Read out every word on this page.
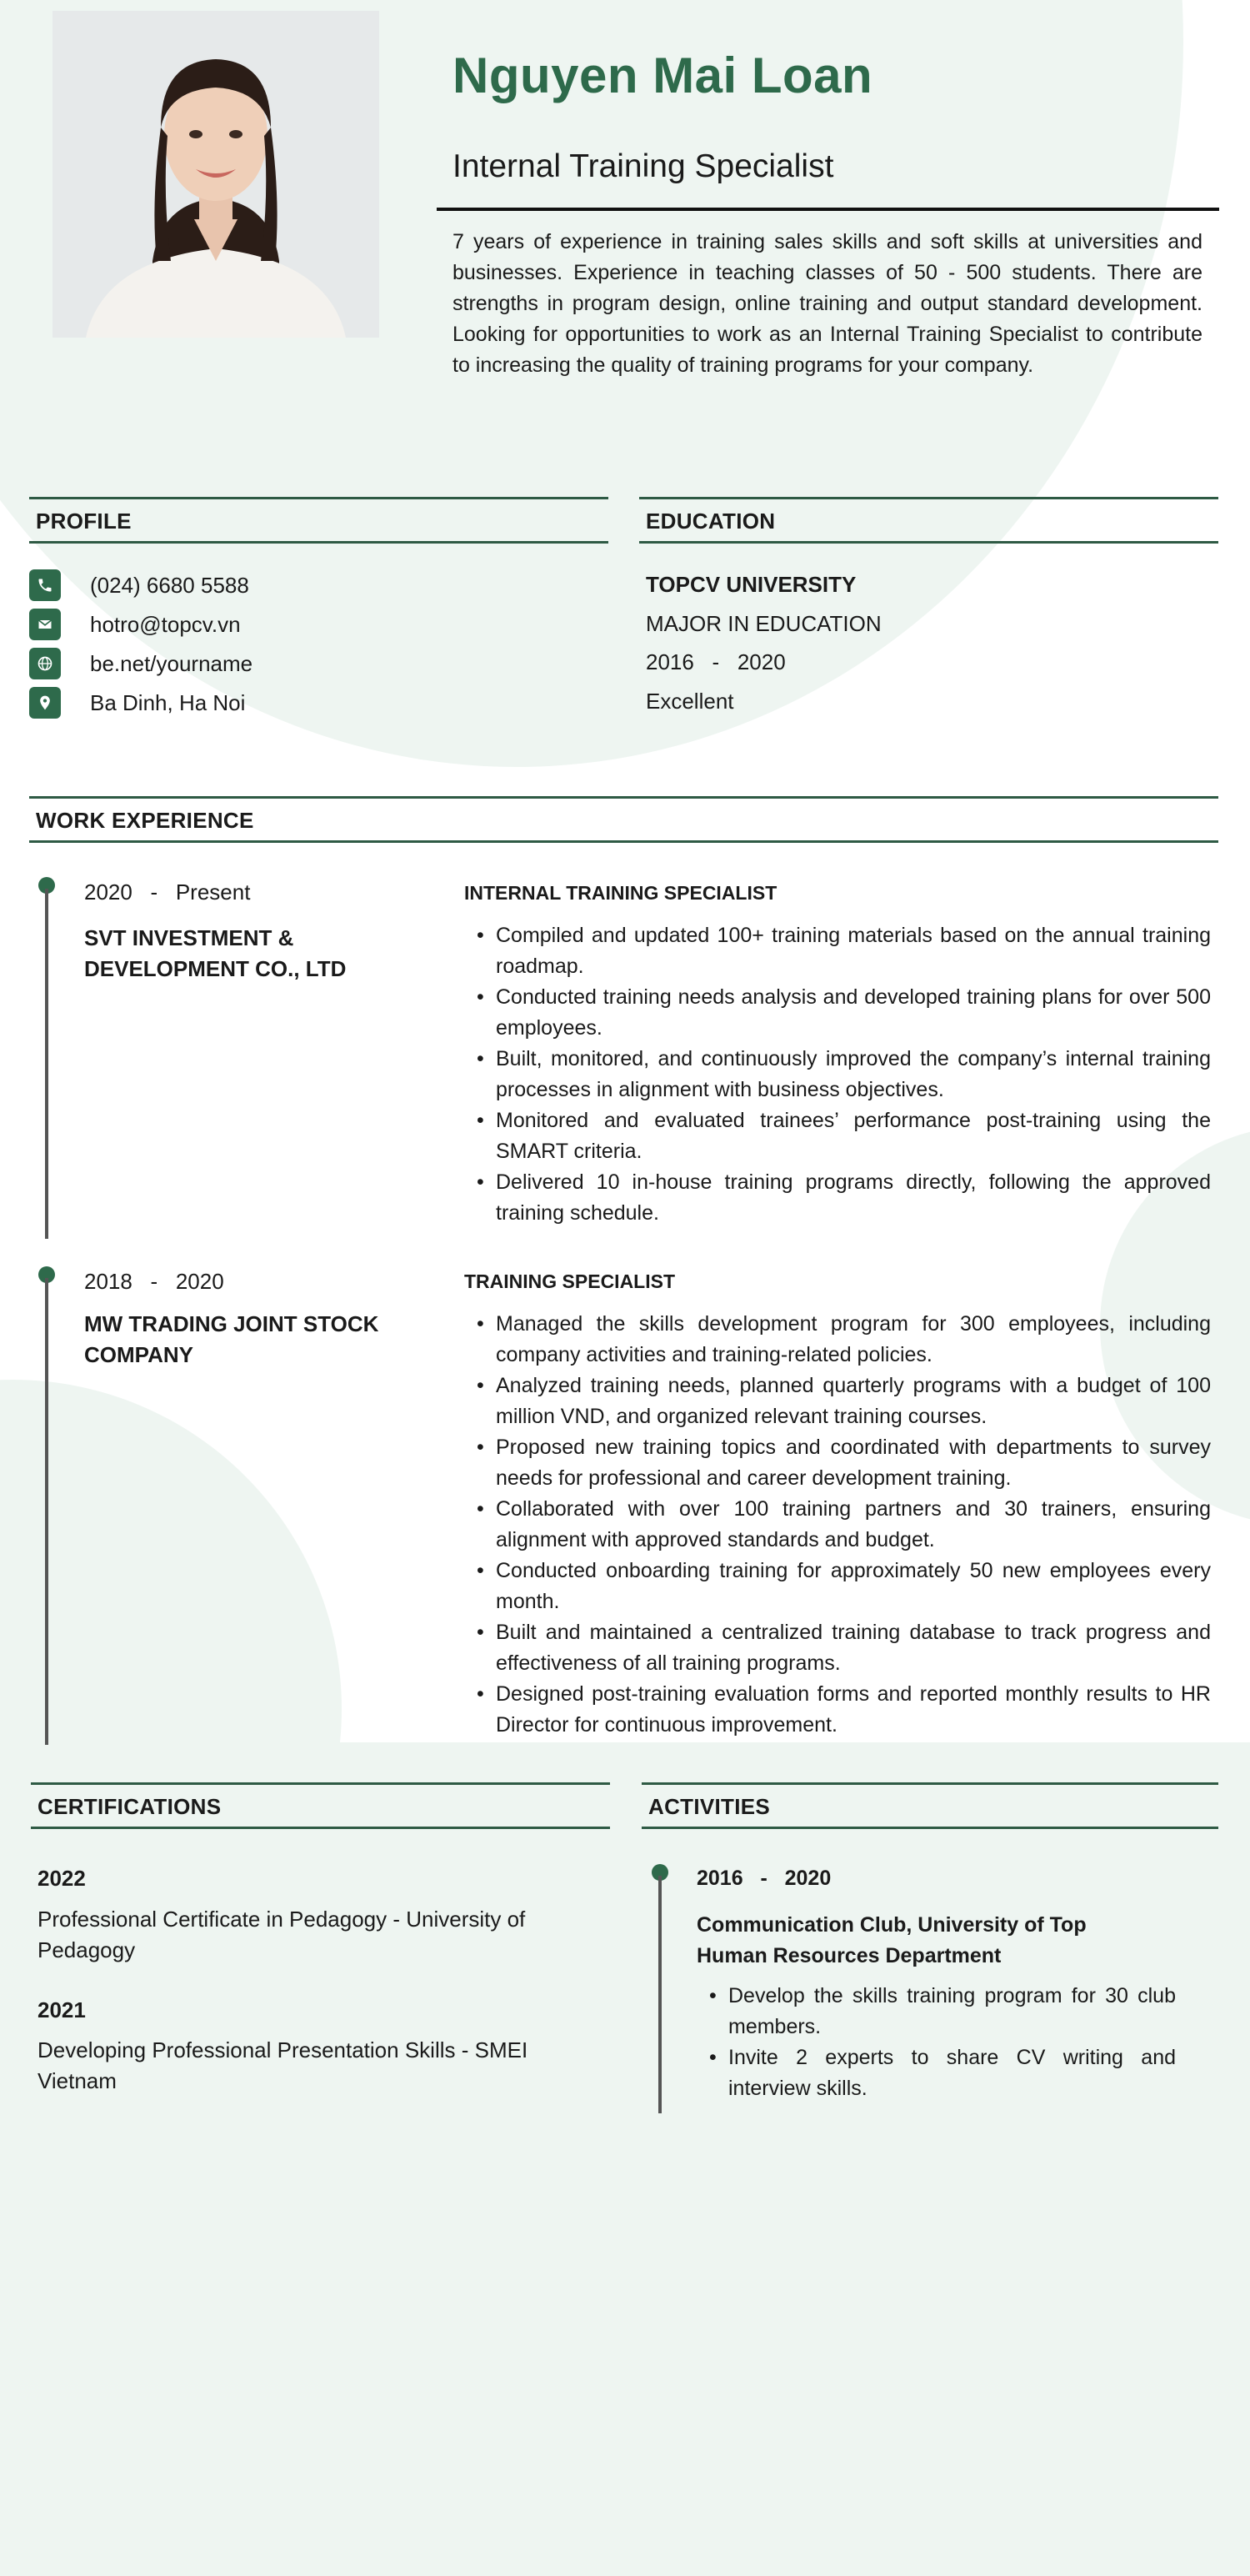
Nguyen Mai Loan
Internal Training Specialist
7 years of experience in training sales skills and soft skills at universities and businesses. Experience in teaching classes of 50 - 500 students. There are strengths in program design, online training and output standard development. Looking for opportunities to work as an Internal Training Specialist to contribute to increasing the quality of training programs for your company.
PROFILE
(024) 6680 5588
hotro@topcv.vn
be.net/yourname
Ba Dinh, Ha Noi
EDUCATION
TOPCV UNIVERSITY
MAJOR IN EDUCATION
2016   -   2020
Excellent
WORK EXPERIENCE
2020   -   Present
SVT INVESTMENT &
DEVELOPMENT CO., LTD
INTERNAL TRAINING SPECIALIST
• Compiled and updated 100+ training materials based on the annual training roadmap.
• Conducted training needs analysis and developed training plans for over 500 employees.
• Built, monitored, and continuously improved the company’s internal training processes in alignment with business objectives.
• Monitored and evaluated trainees’ performance post-training using the SMART criteria.
• Delivered 10 in-house training programs directly, following the approved training schedule.
2018   -   2020
MW TRADING JOINT STOCK
COMPANY
TRAINING SPECIALIST
• Managed the skills development program for 300 employees, including company activities and training-related policies.
• Analyzed training needs, planned quarterly programs with a budget of 100 million VND, and organized relevant training courses.
• Proposed new training topics and coordinated with departments to survey needs for professional and career development training.
• Collaborated with over 100 training partners and 30 trainers, ensuring alignment with approved standards and budget.
• Conducted onboarding training for approximately 50 new employees every month.
• Built and maintained a centralized training database to track progress and effectiveness of all training programs.
• Designed post-training evaluation forms and reported monthly results to HR Director for continuous improvement.
CERTIFICATIONS
2022
Professional Certificate in Pedagogy - University of
Pedagogy
2021
Developing Professional Presentation Skills - SMEI
Vietnam
ACTIVITIES
2016   -   2020
Communication Club, University of Top
Human Resources Department
• Develop the skills training program for 30 club members.
• Invite 2 experts to share CV writing and interview skills.
